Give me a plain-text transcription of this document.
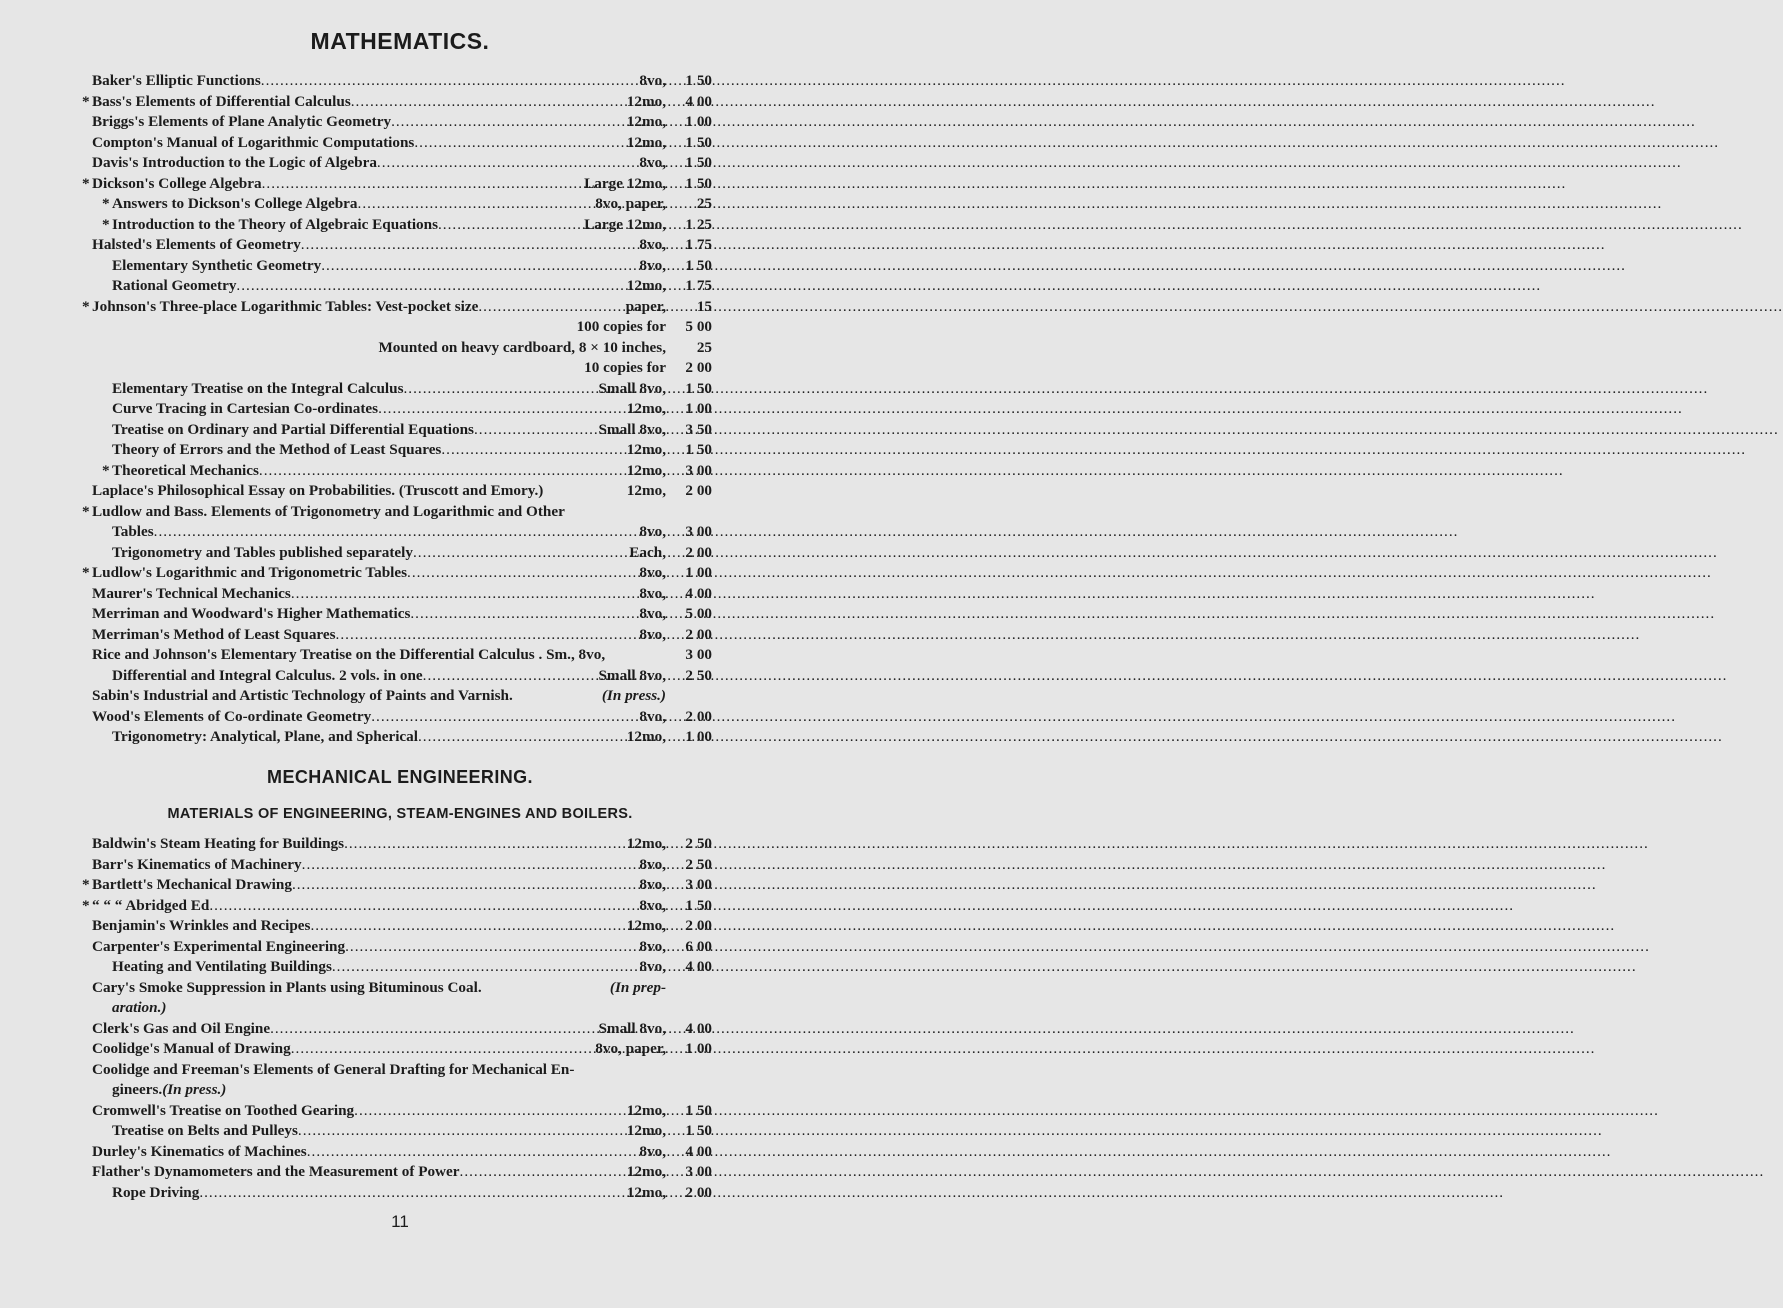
MATHEMATICS.
Baker's Elliptic Functions .....	8vo,	1 50
* Bass's Elements of Differential Calculus .....	12mo,	4 00
Briggs's Elements of Plane Analytic Geometry .....	12mo,	1 00
Compton's Manual of Logarithmic Computations .....	12mo,	1 50
Davis's Introduction to the Logic of Algebra .....	8vo,	1 50
* Dickson's College Algebra .....	Large 12mo,	1 50
* Answers to Dickson's College Algebra .....	8vo, paper,	25
* Introduction to the Theory of Algebraic Equations .....	Large 12mo,	1 25
Halsted's Elements of Geometry .....	8vo,	1 75
Elementary Synthetic Geometry .....	8vo,	1 50
Rational Geometry .....	12mo,	1 75
* Johnson's Three-place Logarithmic Tables: Vest-pocket size .....	paper,	15
100 copies for	5 00
Mounted on heavy cardboard, 8 × 10 inches,	25
10 copies for	2 00
Elementary Treatise on the Integral Calculus .....	Small 8vo,	1 50
Curve Tracing in Cartesian Co-ordinates .....	12mo,	1 00
Treatise on Ordinary and Partial Differential Equations .....	Small 8vo,	3 50
Theory of Errors and the Method of Least Squares .....	12mo,	1 50
* Theoretical Mechanics .....	12mo,	3 00
Laplace's Philosophical Essay on Probabilities. (Truscott and Emory.)	12mo,	2 00
* Ludlow and Bass. Elements of Trigonometry and Logarithmic and Other
Tables .....	8vo,	3 00
Trigonometry and Tables published separately .....	Each,	2 00
* Ludlow's Logarithmic and Trigonometric Tables .....	8vo,	1 00
Maurer's Technical Mechanics .....	8vo,	4 00
Merriman and Woodward's Higher Mathematics .....	8vo,	5 00
Merriman's Method of Least Squares .....	8vo,	2 00
Rice and Johnson's Elementary Treatise on the Differential Calculus . Sm., 8vo,	3 00
Differential and Integral Calculus. 2 vols. in one .....	Small 8vo,	2 50
Sabin's Industrial and Artistic Technology of Paints and Varnish.	(In press.)
Wood's Elements of Co-ordinate Geometry .....	8vo,	2 00
Trigonometry: Analytical, Plane, and Spherical .....	12mo,	1 00
MECHANICAL ENGINEERING.
MATERIALS OF ENGINEERING, STEAM-ENGINES AND BOILERS.
Baldwin's Steam Heating for Buildings .....	12mo,	2 50
Barr's Kinematics of Machinery .....	8vo,	2 50
* Bartlett's Mechanical Drawing .....	8vo,	3 00
* “ “ “ Abridged Ed .....	8vo,	1 50
Benjamin's Wrinkles and Recipes .....	12mo,	2 00
Carpenter's Experimental Engineering .....	8vo,	6 00
Heating and Ventilating Buildings .....	8vo,	4 00
Cary's Smoke Suppression in Plants using Bituminous Coal.	(In prep-
aration.)
Clerk's Gas and Oil Engine .....	Small 8vo,	4 00
Coolidge's Manual of Drawing .....	8vo, paper,	1 00
Coolidge and Freeman's Elements of General Drafting for Mechanical En-
gineers. (In press.)
Cromwell's Treatise on Toothed Gearing .....	12mo,	1 50
Treatise on Belts and Pulleys .....	12mo,	1 50
Durley's Kinematics of Machines .....	8vo,	4 00
Flather's Dynamometers and the Measurement of Power .....	12mo,	3 00
Rope Driving .....	12mo,	2 00
11
